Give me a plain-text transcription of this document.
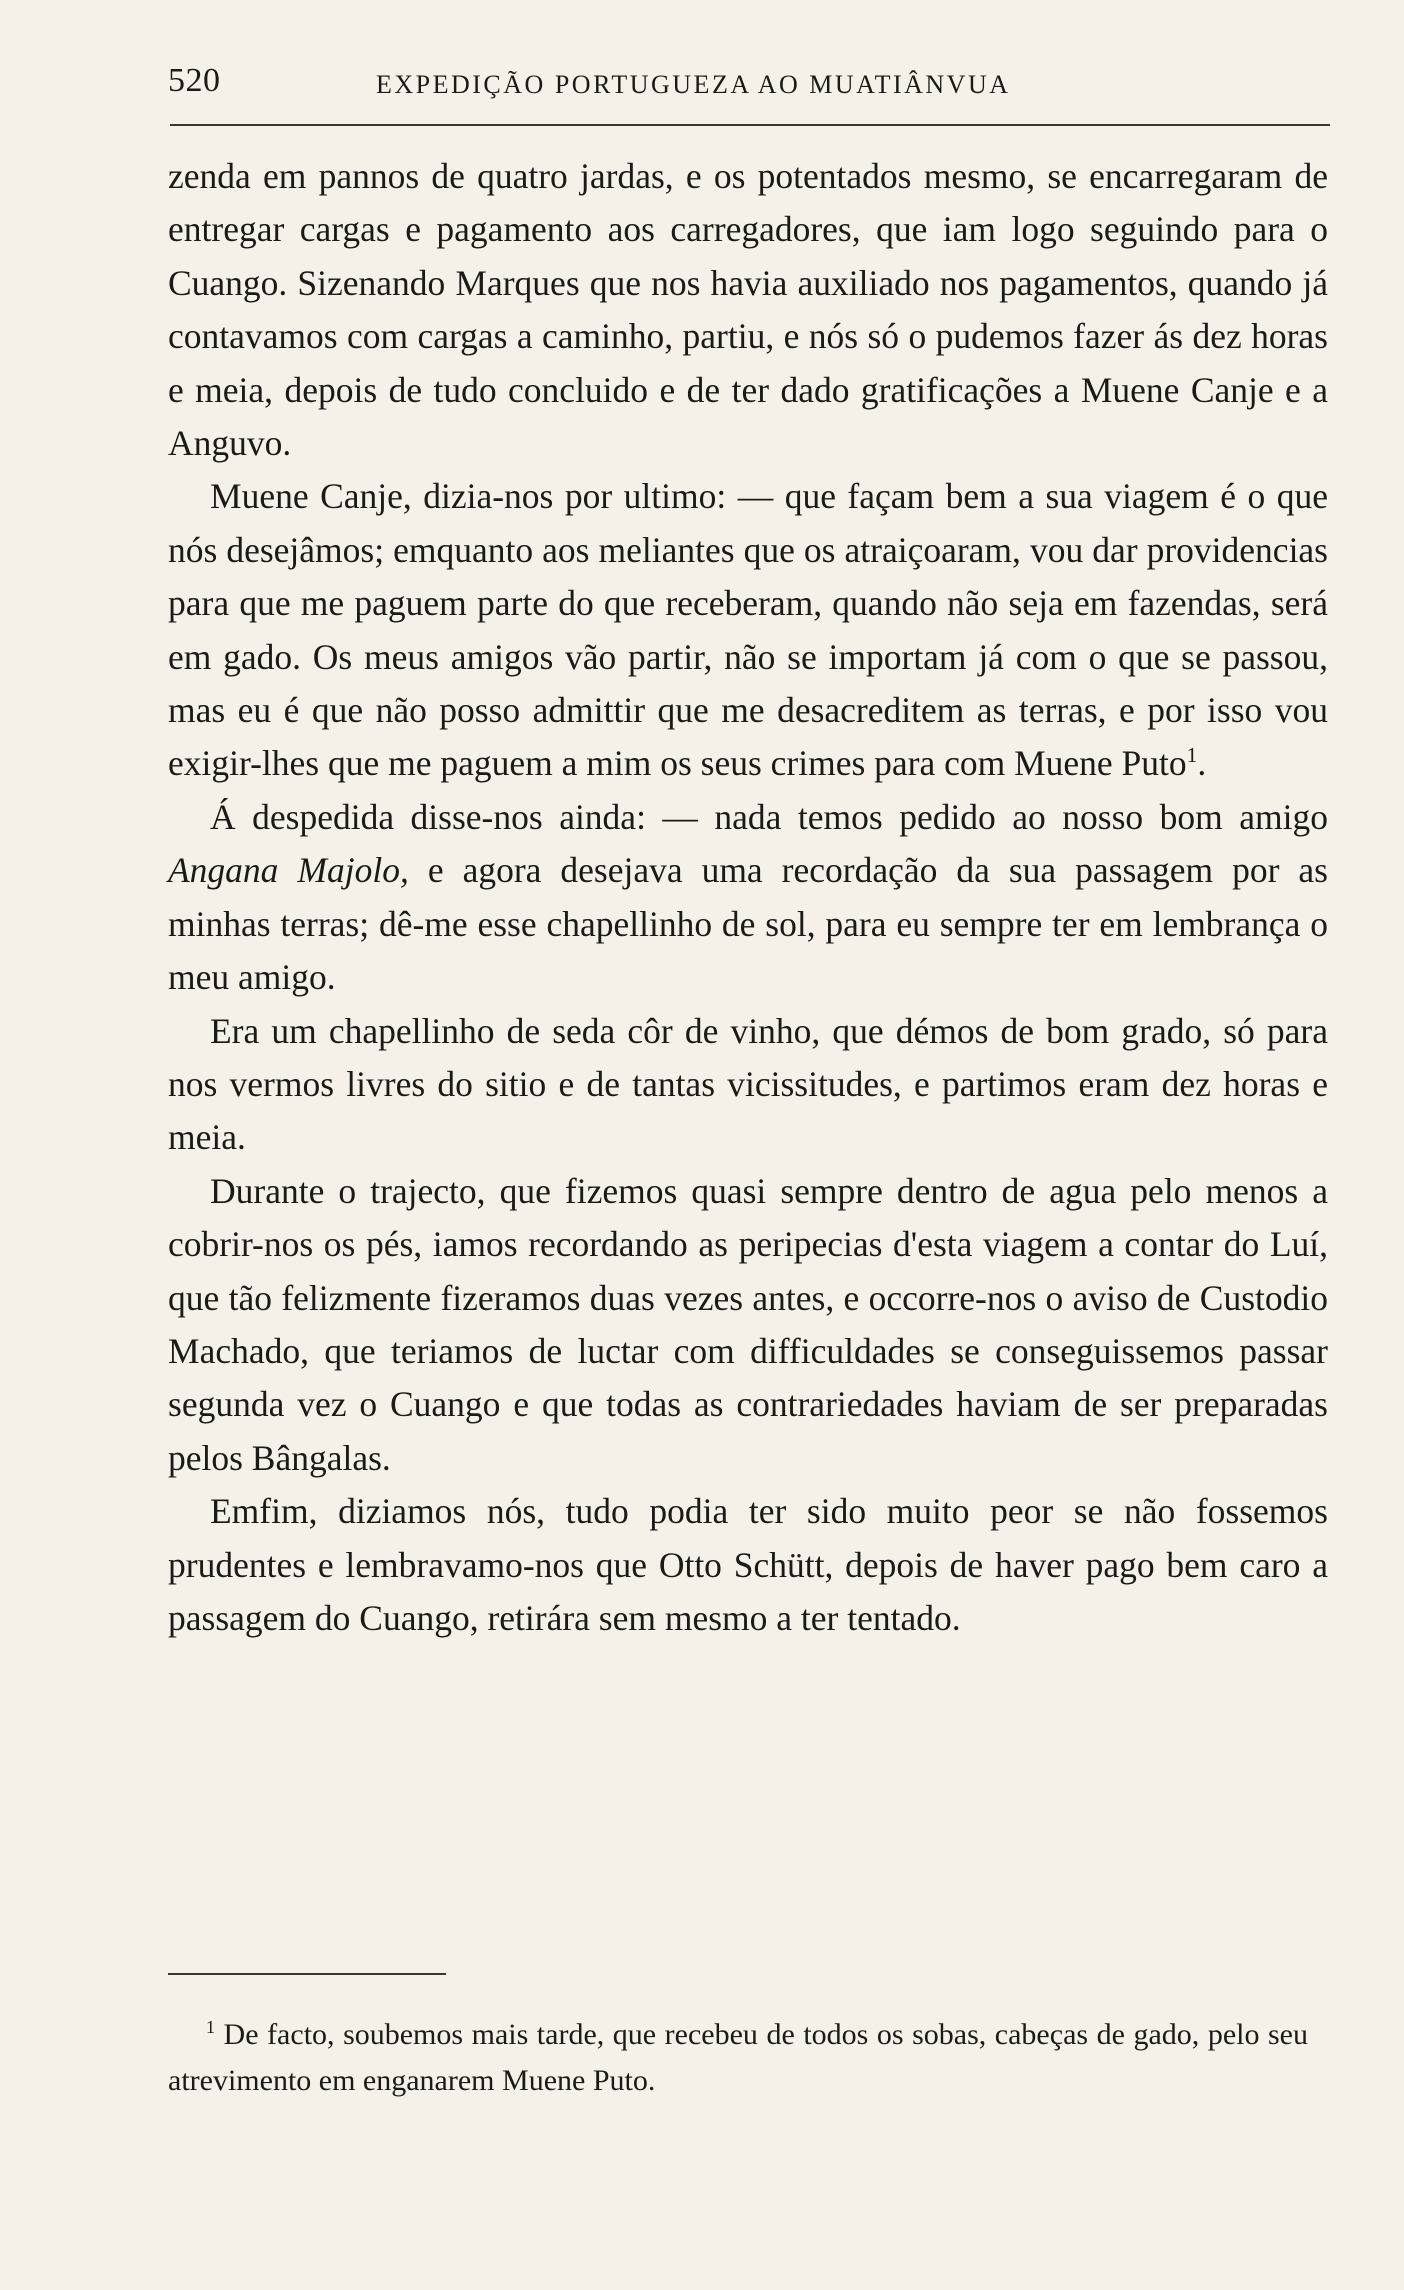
520	EXPEDIÇÃO PORTUGUEZA AO MUATIÂNVUA

zenda em pannos de quatro jardas, e os potentados mesmo, se encarregaram de entregar cargas e pagamento aos carregadores, que iam logo seguindo para o Cuango. Sizenando Marques que nos havia auxiliado nos pagamentos, quando já contavamos com cargas a caminho, partiu, e nós só o pudemos fazer ás dez horas e meia, depois de tudo concluido e de ter dado gratificações a Muene Canje e a Anguvo.

Muene Canje, dizia-nos por ultimo: — que façam bem a sua viagem é o que nós desejâmos; emquanto aos meliantes que os atraiçoaram, vou dar providencias para que me paguem parte do que receberam, quando não seja em fazendas, será em gado. Os meus amigos vão partir, não se importam já com o que se passou, mas eu é que não posso admittir que me desacreditem as terras, e por isso vou exigir-lhes que me paguem a mim os seus crimes para com Muene Puto$^1$.

Á despedida disse-nos ainda: — nada temos pedido ao nosso bom amigo Angana Majolo, e agora desejava uma recordação da sua passagem por as minhas terras; dê-me esse chapellinho de sol, para eu sempre ter em lembrança o meu amigo.

Era um chapellinho de seda côr de vinho, que démos de bom grado, só para nos vermos livres do sitio e de tantas vicissitudes, e partimos eram dez horas e meia.

Durante o trajecto, que fizemos quasi sempre dentro de agua pelo menos a cobrir-nos os pés, iamos recordando as peripecias d'esta viagem a contar do Luí, que tão felizmente fizeramos duas vezes antes, e occorre-nos o aviso de Custodio Machado, que teriamos de luctar com difficuldades se conseguissemos passar segunda vez o Cuango e que todas as contrariedades haviam de ser preparadas pelos Bângalas.

Emfim, diziamos nós, tudo podia ter sido muito peor se não fossemos prudentes e lembravamo-nos que Otto Schütt, depois de haver pago bem caro a passagem do Cuango, retirára sem mesmo a ter tentado.

$^1$ De facto, soubemos mais tarde, que recebeu de todos os sobas, cabeças de gado, pelo seu atrevimento em enganarem Muene Puto.
